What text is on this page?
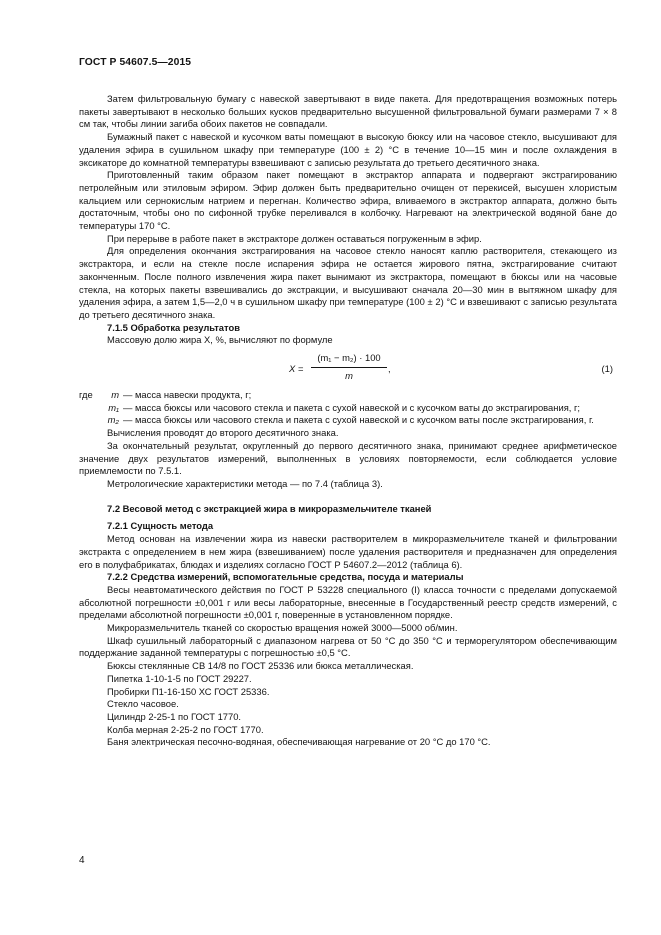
ГОСТ Р 54607.5—2015

Затем фильтровальную бумагу с навеской завертывают в виде пакета. Для предотвращения возможных потерь пакеты завертывают в несколько больших кусков предварительно высушенной фильтровальной бумаги размерами 7 × 8 см так, чтобы линии загиба обоих пакетов не совпадали.

Бумажный пакет с навеской и кусочком ваты помещают в высокую бюксу или на часовое стекло, высушивают для удаления эфира в сушильном шкафу при температуре (100 ± 2) °С в течение 10—15 мин и после охлаждения в эксикаторе до комнатной температуры взвешивают с записью результата до третьего десятичного знака.

Приготовленный таким образом пакет помещают в экстрактор аппарата и подвергают экстрагированию петролейным или этиловым эфиром. Эфир должен быть предварительно очищен от перекисей, высушен хлористым кальцием или сернокислым натрием и перегнан. Количество эфира, вливаемого в экстрактор аппарата, должно быть достаточным, чтобы оно по сифонной трубке переливался в колбочку. Нагревают на электрической водяной бане до температуры 170 °С.

При перерыве в работе пакет в экстракторе должен оставаться погруженным в эфир.

Для определения окончания экстрагирования на часовое стекло наносят каплю растворителя, стекающего из экстрактора, и если на стекле после испарения эфира не остается жирового пятна, экстрагирование считают законченным. После полного извлечения жира пакет вынимают из экстрактора, помещают в бюксы или на часовые стекла, на которых пакеты взвешивались до экстракции, и высушивают сначала 20—30 мин в вытяжном шкафу для удаления эфира, а затем 1,5—2,0 ч в сушильном шкафу при температуре (100 ± 2) °С и взвешивают с записью результата до третьего десятичного знака.

7.1.5 Обработка результатов

Массовую долю жира X, %, вычисляют по формуле

$X = \frac{\text{(m₁ − m₂) · 100}}{m}$ ,	(1)
где	m — масса навески продукта, г;
m₁ — масса бюксы или часового стекла и пакета с сухой навеской и с кусочком ваты до экстрагирования, г;
m₂ — масса бюксы или часового стекла и пакета с сухой навеской и с кусочком ваты после экстрагирования, г.

Вычисления проводят до второго десятичного знака.

За окончательный результат, округленный до первого десятичного знака, принимают среднее арифметическое значение двух результатов измерений, выполненных в условиях повторяемости, если соблюдается условие приемлемости по 7.5.1.

Метрологические характеристики метода — по 7.4 (таблица 3).

7.2 Весовой метод с экстракцией жира в микроразмельчителе тканей
7.2.1 Сущность метода

Метод основан на извлечении жира из навески растворителем в микроразмельчителе тканей и фильтровании экстракта с определением в нем жира (взвешиванием) после удаления растворителя и предназначен для определения его в полуфабрикатах, блюдах и изделиях согласно ГОСТ Р 54607.2—2012 (таблица 6).

7.2.2 Средства измерений, вспомогательные средства, посуда и материалы

Весы неавтоматического действия по ГОСТ Р 53228 специального (I) класса точности с пределами допускаемой абсолютной погрешности ±0,001 г или весы лабораторные, внесенные в Государственный реестр средств измерений, с пределами абсолютной погрешности ±0,001 г, поверенные в установленном порядке.

Микроразмельчитель тканей со скоростью вращения ножей 3000—5000 об/мин.

Шкаф сушильный лабораторный с диапазоном нагрева от 50 °С до 350 °С и терморегулятором обеспечивающим поддержание заданной температуры с погрешностью ±0,5 °С.

Бюксы стеклянные СВ 14/8 по ГОСТ 25336 или бюкса металлическая.

Пипетка 1-10-1-5 по ГОСТ 29227.

Пробирки П1-16-150 ХС ГОСТ 25336.

Стекло часовое.

Цилиндр 2-25-1 по ГОСТ 1770.

Колба мерная 2-25-2 по ГОСТ 1770.

Баня электрическая песочно-водяная, обеспечивающая нагревание от 20 °С до 170 °С.

4
